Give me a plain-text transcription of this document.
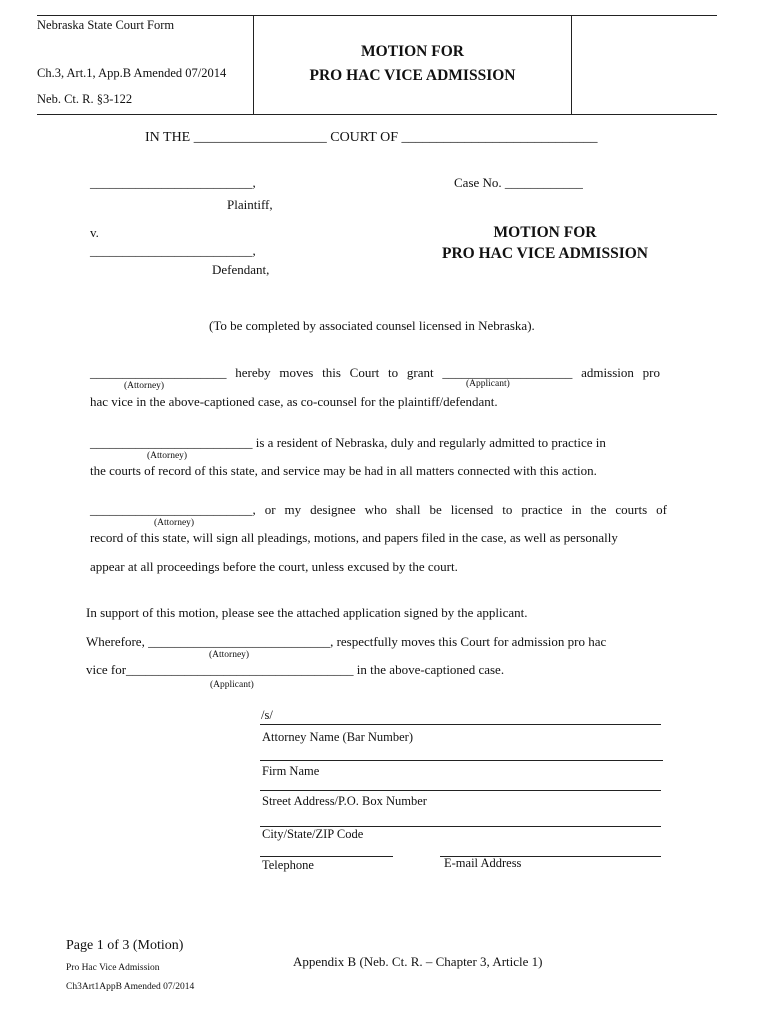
Nebraska State Court Form
Ch.3, Art.1, App.B Amended 07/2014
Neb. Ct. R. §3-122
MOTION FOR
PRO HAC VICE ADMISSION
IN THE ___________________ COURT OF ____________________________
_________________________,
Plaintiff,
v.
_________________________,
Defendant,
Case No. ____________
MOTION FOR
PRO HAC VICE ADMISSION
(To be completed by associated counsel licensed in Nebraska).
_____________________ hereby moves this Court to grant ____________________ admission pro
(Attorney)	(Applicant)
hac vice in the above-captioned case, as co-counsel for the plaintiff/defendant.
_________________________ is a resident of Nebraska, duly and regularly admitted to practice in
(Attorney)
the courts of record of this state, and service may be had in all matters connected with this action.
_________________________, or my designee who shall be licensed to practice in the courts of
(Attorney)
record of this state, will sign all pleadings, motions, and papers filed in the case, as well as personally
appear at all proceedings before the court, unless excused by the court.
In support of this motion, please see the attached application signed by the applicant.
Wherefore, ____________________________, respectfully moves this Court for admission pro hac
(Attorney)
vice for___________________________________ in the above-captioned case.
(Applicant)
/s/
Attorney Name (Bar Number)
Firm Name
Street Address/P.O. Box Number
City/State/ZIP Code
Telephone	E-mail Address
Page 1 of 3 (Motion)
Pro Hac Vice Admission
Ch3Art1AppB Amended 07/2014
Appendix B (Neb. Ct. R. – Chapter 3, Article 1)
